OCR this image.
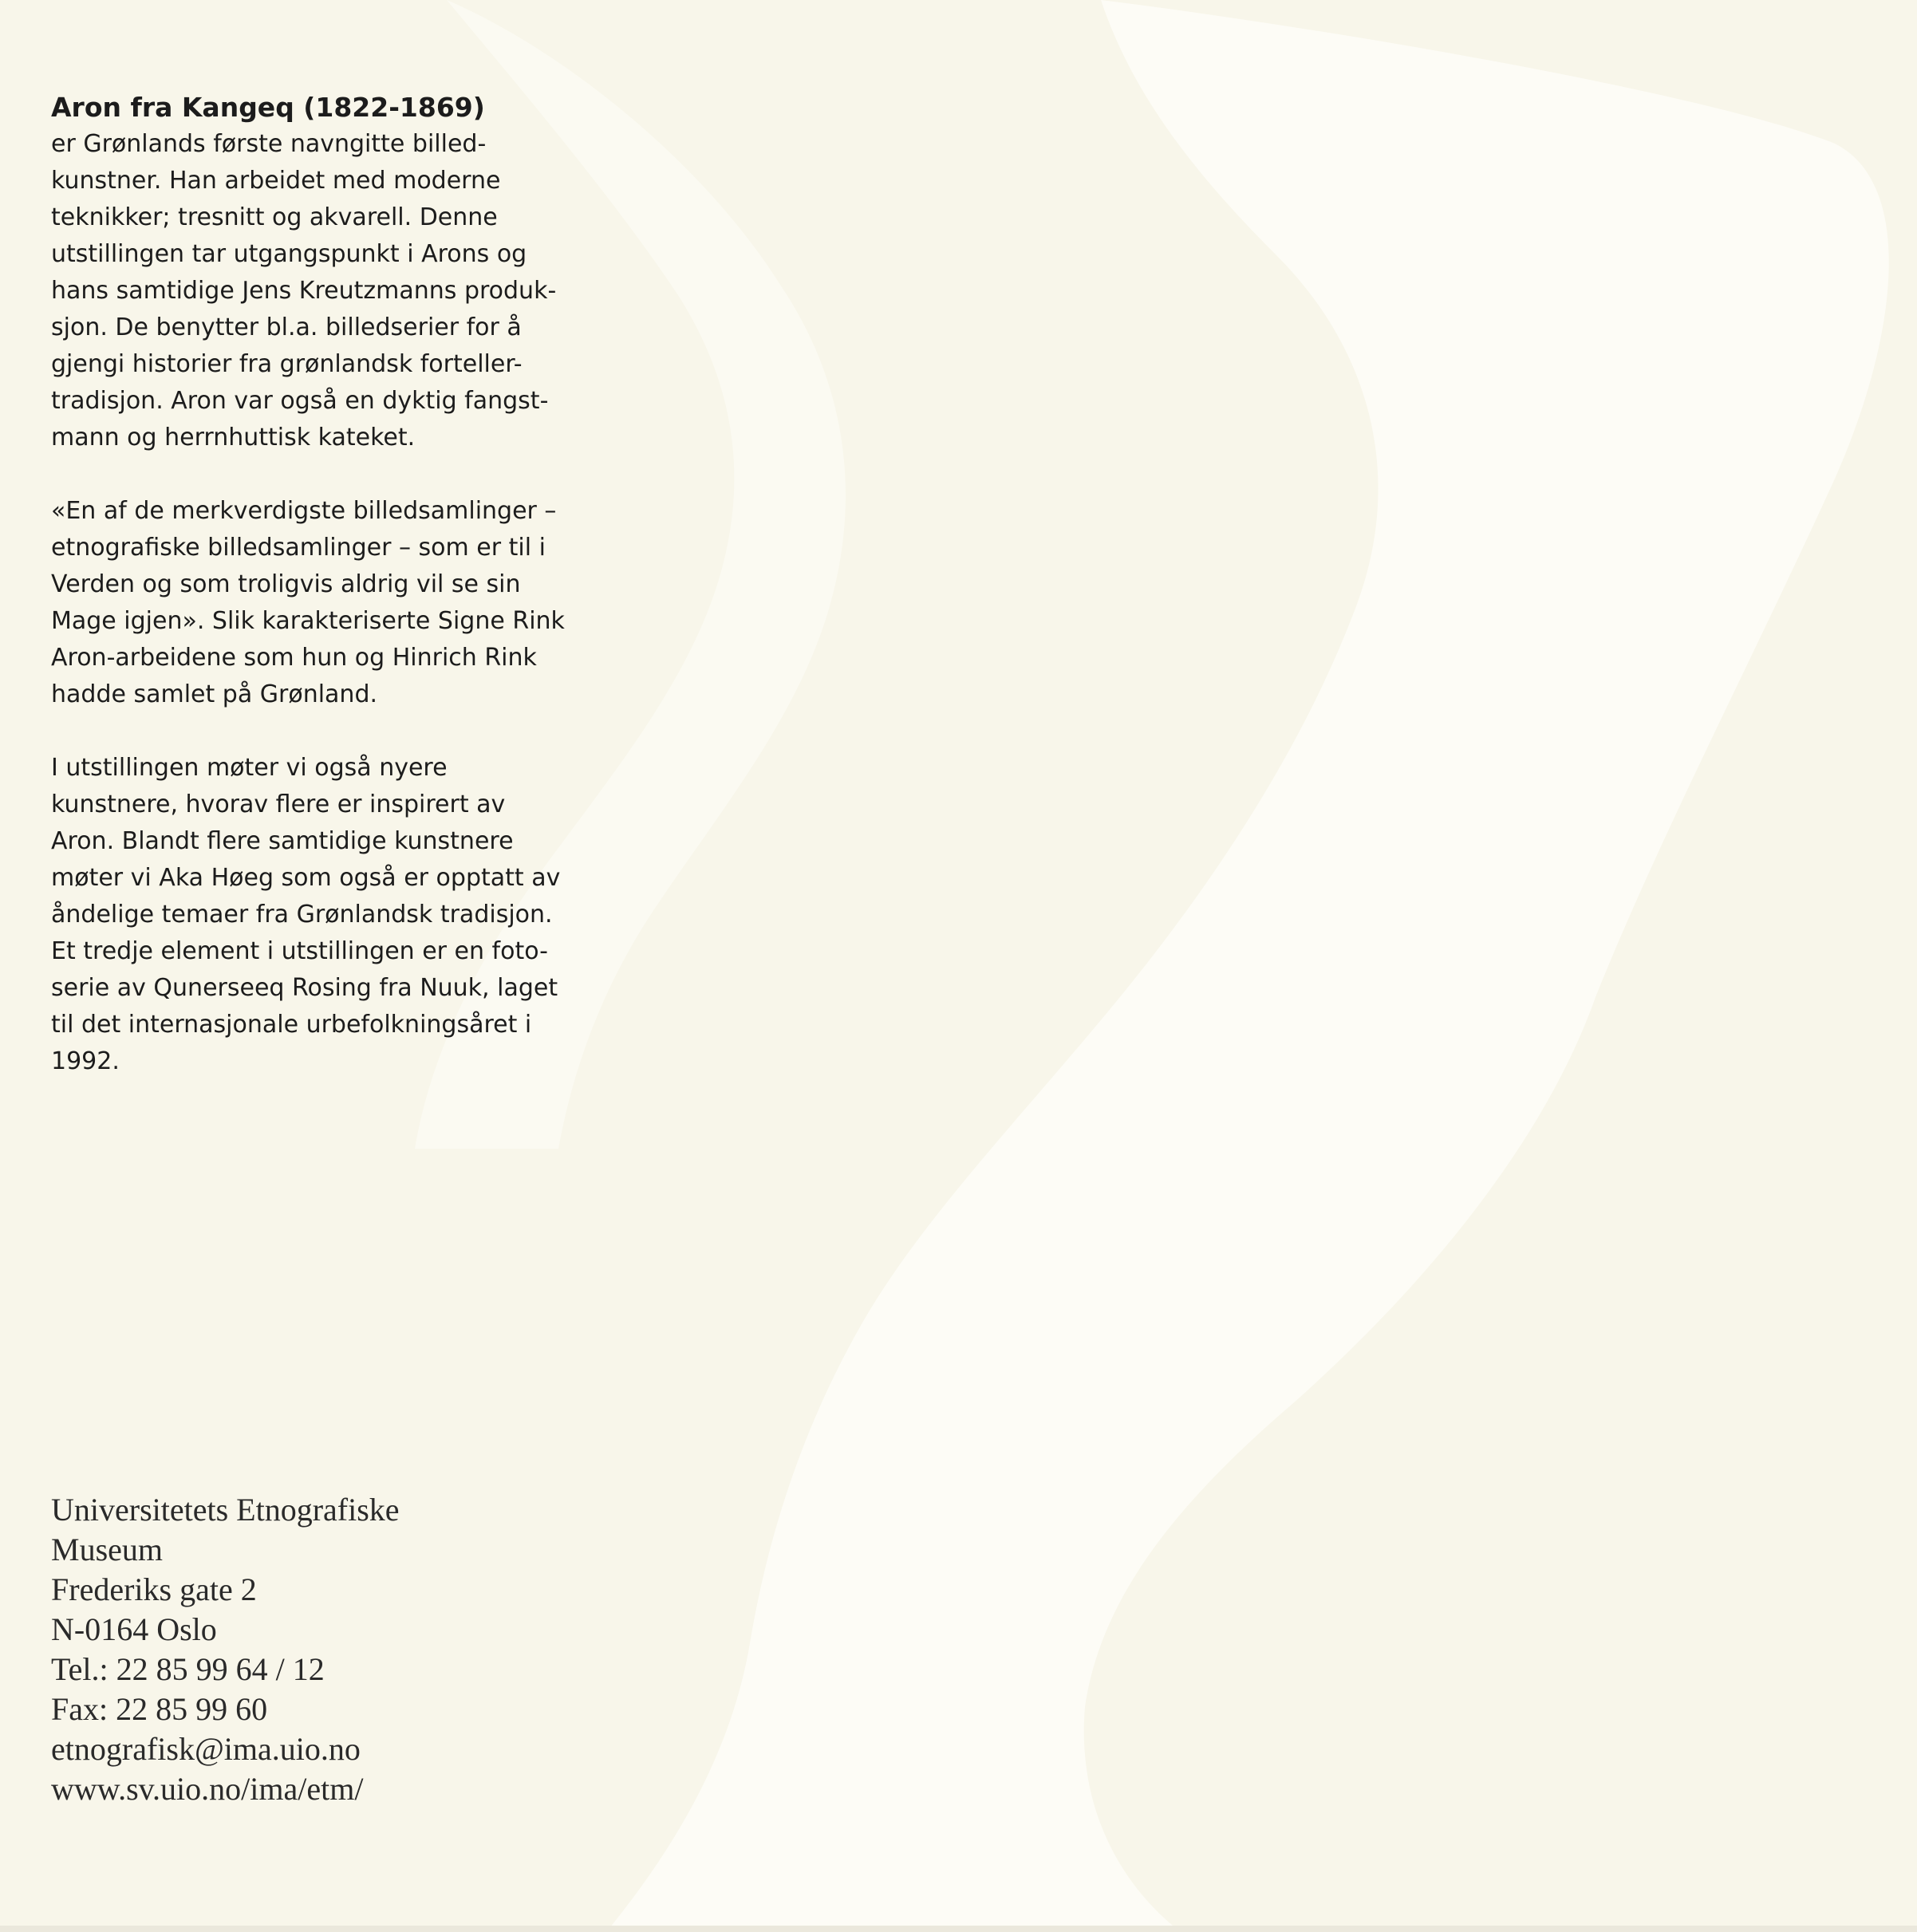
Aron fra Kangeq (1822-1869)

er Grønlands første navngitte billed-
kunstner. Han arbeidet med moderne
teknikker; tresnitt og akvarell. Denne
utstillingen tar utgangspunkt i Arons og
hans samtidige Jens Kreutzmanns produk-
sjon. De benytter bl.a. billedserier for å
gjengi historier fra grønlandsk forteller-
tradisjon. Aron var også en dyktig fangst-
mann og herrnhuttisk kateket.

«En af de merkverdigste billedsamlinger –
etnografiske billedsamlinger – som er til i
Verden og som troligvis aldrig vil se sin
Mage igjen». Slik karakteriserte Signe Rink
Aron-arbeidene som hun og Hinrich Rink
hadde samlet på Grønland.

I utstillingen møter vi også nyere
kunstnere, hvorav flere er inspirert av
Aron. Blandt flere samtidige kunstnere
møter vi Aka Høeg som også er opptatt av
åndelige temaer fra Grønlandsk tradisjon.
Et tredje element i utstillingen er en foto-
serie av Qunerseeq Rosing fra Nuuk, laget
til det internasjonale urbefolkningsåret i
1992.

Universitetets Etnografiske
Museum
Frederiks gate 2
N-0164 Oslo
Tel.: 22 85 99 64 / 12
Fax: 22 85 99 60
etnografisk@ima.uio.no
www.sv.uio.no/ima/etm/
